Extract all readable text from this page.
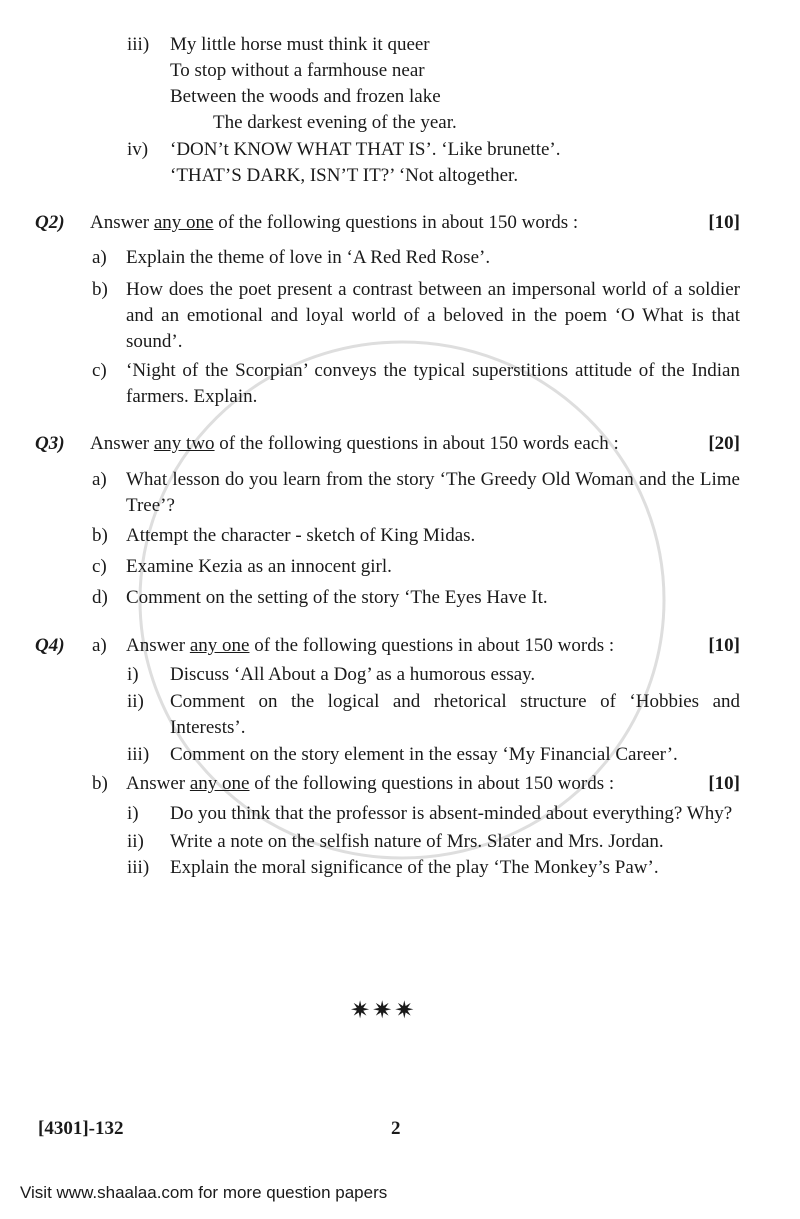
iii)	My little horse must think it queer
To stop without a farmhouse near
Between the woods and frozen lake
The darkest evening of the year.
iv)	‘DON’t KNOW WHAT THAT IS’. ‘Like brunette’.
‘THAT’S DARK, ISN’T IT?’ ‘Not altogether.
Q2)	Answer any one of the following questions in about 150 words :	[10]
a)	Explain the theme of love in ‘A Red Red Rose’.
b) How does the poet present a contrast between an impersonal world of a soldier and an emotional and loyal world of a beloved in the poem ‘O What is that sound’.
c)	‘Night of the Scorpian’ conveys the typical superstitions attitude of the Indian farmers. Explain.
Q3)	Answer any two of the following questions in about 150 words each :	[20]
a)	What lesson do you learn from the story ‘The Greedy Old Woman and the Lime Tree’?
b) Attempt the character - sketch of King Midas.
c)	Examine Kezia as an innocent girl.
d) Comment on the setting of the story ‘The Eyes Have It.
Q4)	a)	Answer any one of the following questions in about 150 words :	[10]
i)	Discuss ‘All About a Dog’ as a humorous essay.
ii)	Comment on the logical and rhetorical structure of ‘Hobbies and Interests’.
iii)	Comment on the story element in the essay ‘My Financial Career’.
b) Answer any one of the following questions in about 150 words :	[10]
i)	Do you think that the professor is absent-minded about everything? Why?
ii)	Write a note on the selfish nature of Mrs. Slater and Mrs. Jordan.
iii)	Explain the moral significance of the play ‘The Monkey’s Paw’.
✷✷✷
[4301]-132	2
Visit www.shaalaa.com for more question papers
